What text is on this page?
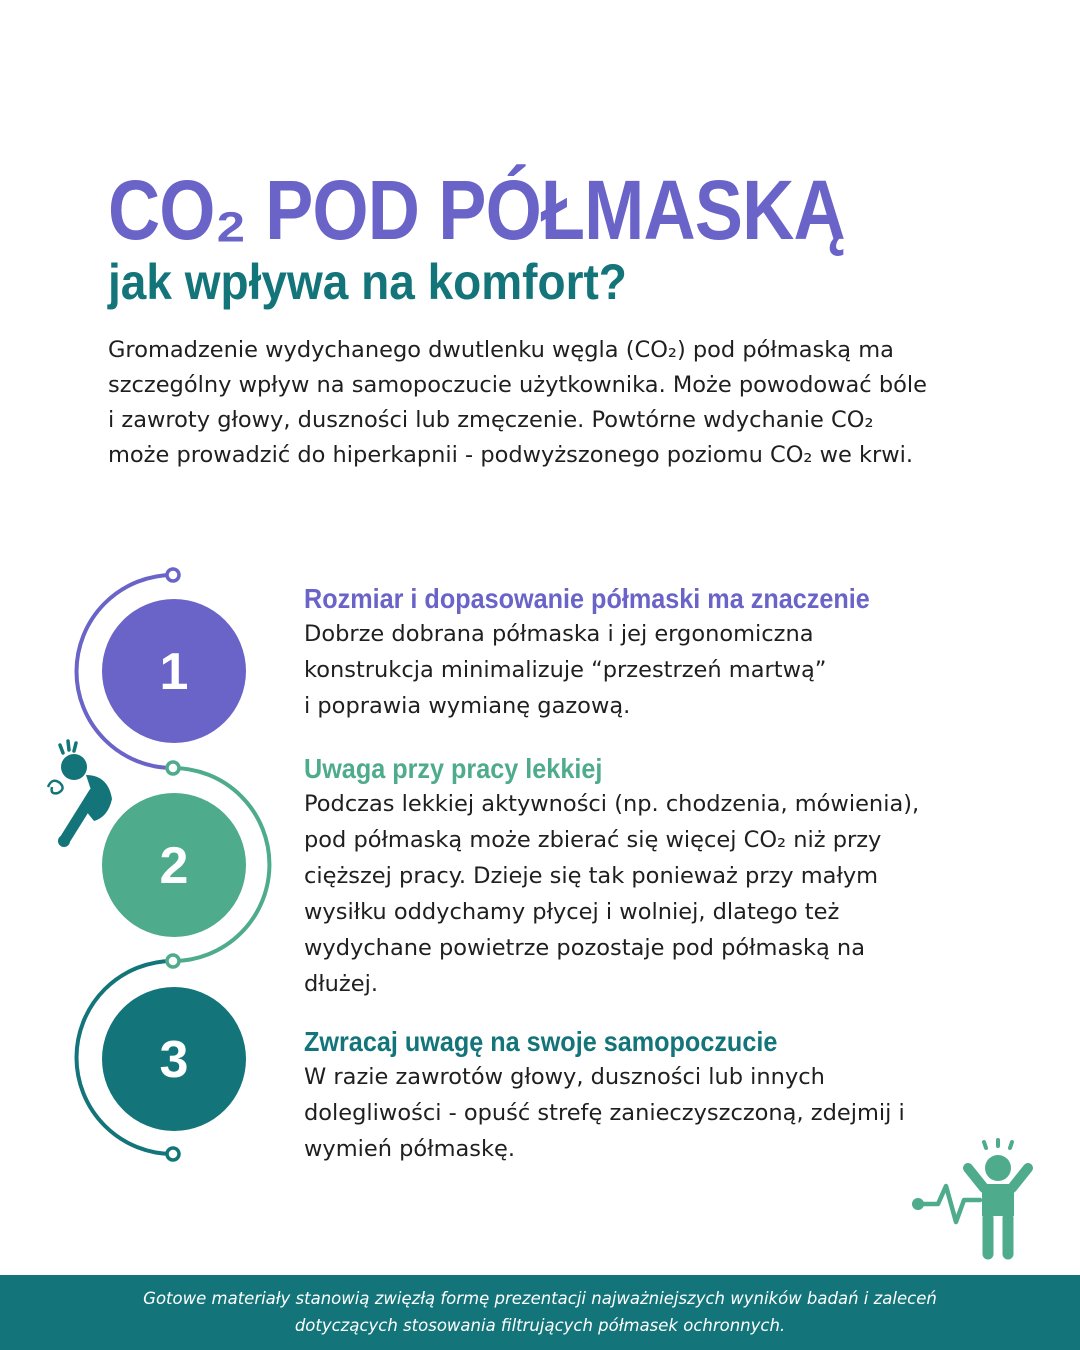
CO₂ POD PÓŁMASKĄ
jak wpływa na komfort?

Gromadzenie wydychanego dwutlenku węgla (CO₂) pod półmaską ma

szczególny wpływ na samopoczucie użytkownika. Może powodować bóle

i zawroty głowy, duszności lub zmęczenie. Powtórne wdychanie CO₂

może prowadzić do hiperkapnii - podwyższonego poziomu CO₂ we krwi.

1
2
3
Rozmiar i dopasowanie półmaski ma znaczenie

Dobrze dobrana półmaska i jej ergonomiczna

konstrukcja minimalizuje “przestrzeń martwą”

i poprawia wymianę gazową.

Uwaga przy pracy lekkiej

Podczas lekkiej aktywności (np. chodzenia, mówienia),

pod półmaską może zbierać się więcej CO₂ niż przy

cięższej pracy. Dzieje się tak ponieważ przy małym

wysiłku oddychamy płycej i wolniej, dlatego też

wydychane powietrze pozostaje pod półmaską na

dłużej.

Zwracaj uwagę na swoje samopoczucie

W razie zawrotów głowy, duszności lub innych

dolegliwości - opuść strefę zanieczyszczoną, zdejmij i

wymień półmaskę.

Gotowe materiały stanowią zwięzłą formę prezentacji najważniejszych wyników badań i zaleceń

dotyczących stosowania filtrujących półmasek ochronnych.
